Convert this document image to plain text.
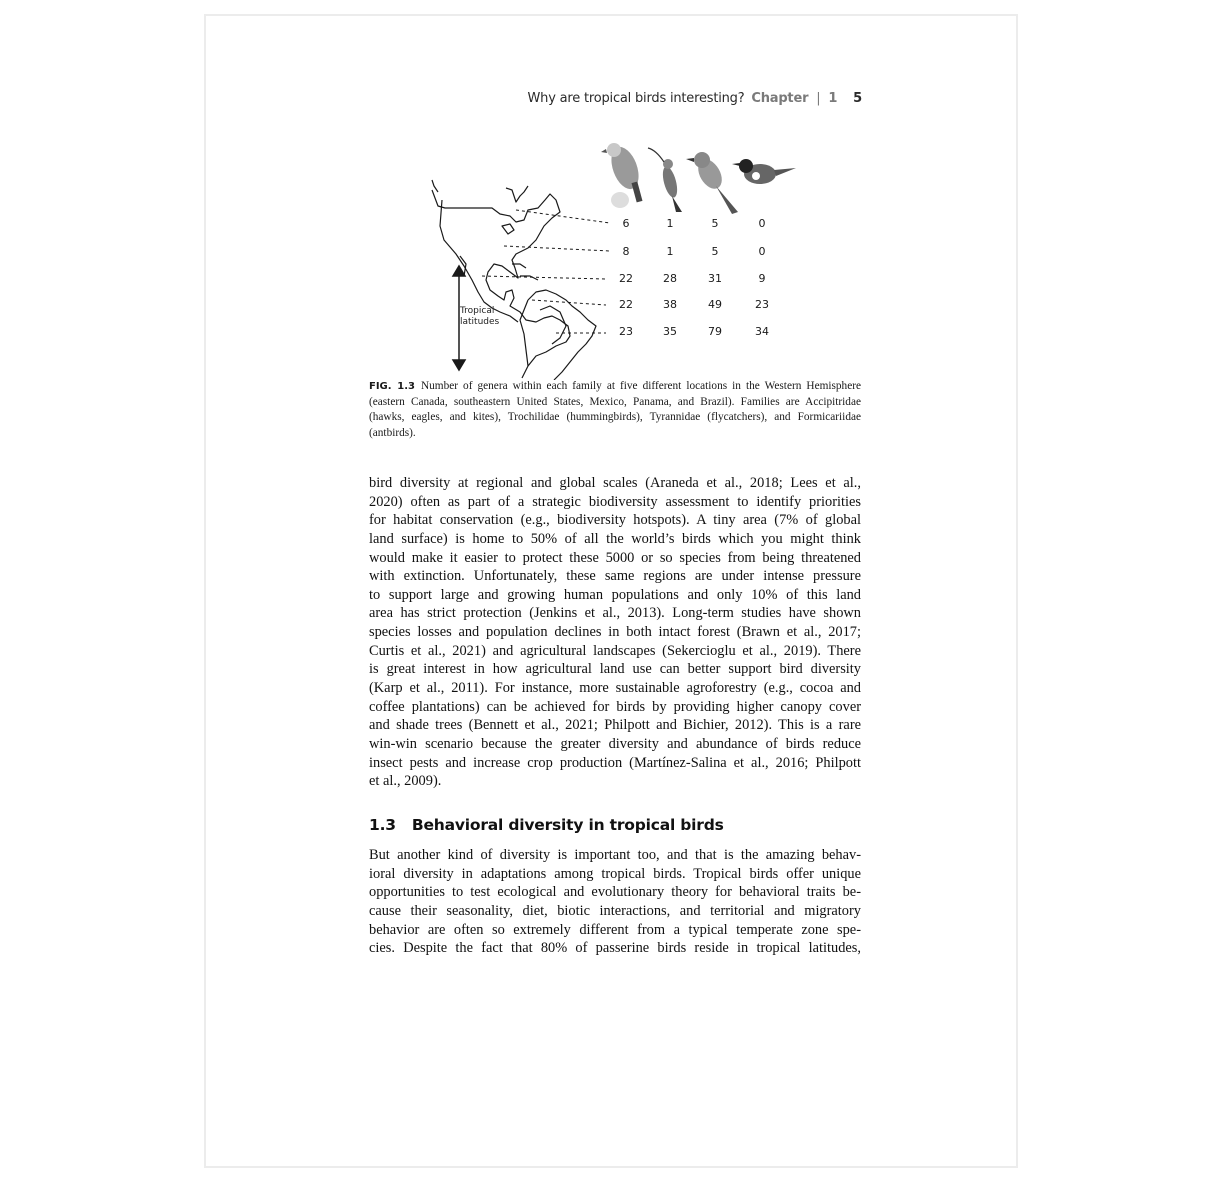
Why are tropical birds interesting? Chapter | 1 5
6	1	5	0
8	1	5	0
22	28	31	9
22	38	49	23
23	35	79	34
Tropical
latitudes
FIG. 1.3 Number of genera within each family at five different locations in the Western Hemisphere (eastern Canada, southeastern United States, Mexico, Panama, and Brazil). Families are Accipitridae (hawks, eagles, and kites), Trochilidae (hummingbirds), Tyrannidae (flycatchers), and Formicariidae (antbirds).
bird diversity at regional and global scales (Araneda et al., 2018; Lees et al.,
2020) often as part of a strategic biodiversity assessment to identify priorities
for habitat conservation (e.g., biodiversity hotspots). A tiny area (7% of global
land surface) is home to 50% of all the world’s birds which you might think
would make it easier to protect these 5000 or so species from being threatened
with extinction. Unfortunately, these same regions are under intense pressure
to support large and growing human populations and only 10% of this land
area has strict protection (Jenkins et al., 2013). Long-term studies have shown
species losses and population declines in both intact forest (Brawn et al., 2017;
Curtis et al., 2021) and agricultural landscapes (Sekercioglu et al., 2019). There
is great interest in how agricultural land use can better support bird diversity
(Karp et al., 2011). For instance, more sustainable agroforestry (e.g., cocoa and
coffee plantations) can be achieved for birds by providing higher canopy cover
and shade trees (Bennett et al., 2021; Philpott and Bichier, 2012). This is a rare
win-win scenario because the greater diversity and abundance of birds reduce
insect pests and increase crop production (Martínez-Salina et al., 2016; Philpott
et al., 2009).
1.3 Behavioral diversity in tropical birds
But another kind of diversity is important too, and that is the amazing behav-
ioral diversity in adaptations among tropical birds. Tropical birds offer unique
opportunities to test ecological and evolutionary theory for behavioral traits be-
cause their seasonality, diet, biotic interactions, and territorial and migratory
behavior are often so extremely different from a typical temperate zone spe-
cies. Despite the fact that 80% of passerine birds reside in tropical latitudes,
